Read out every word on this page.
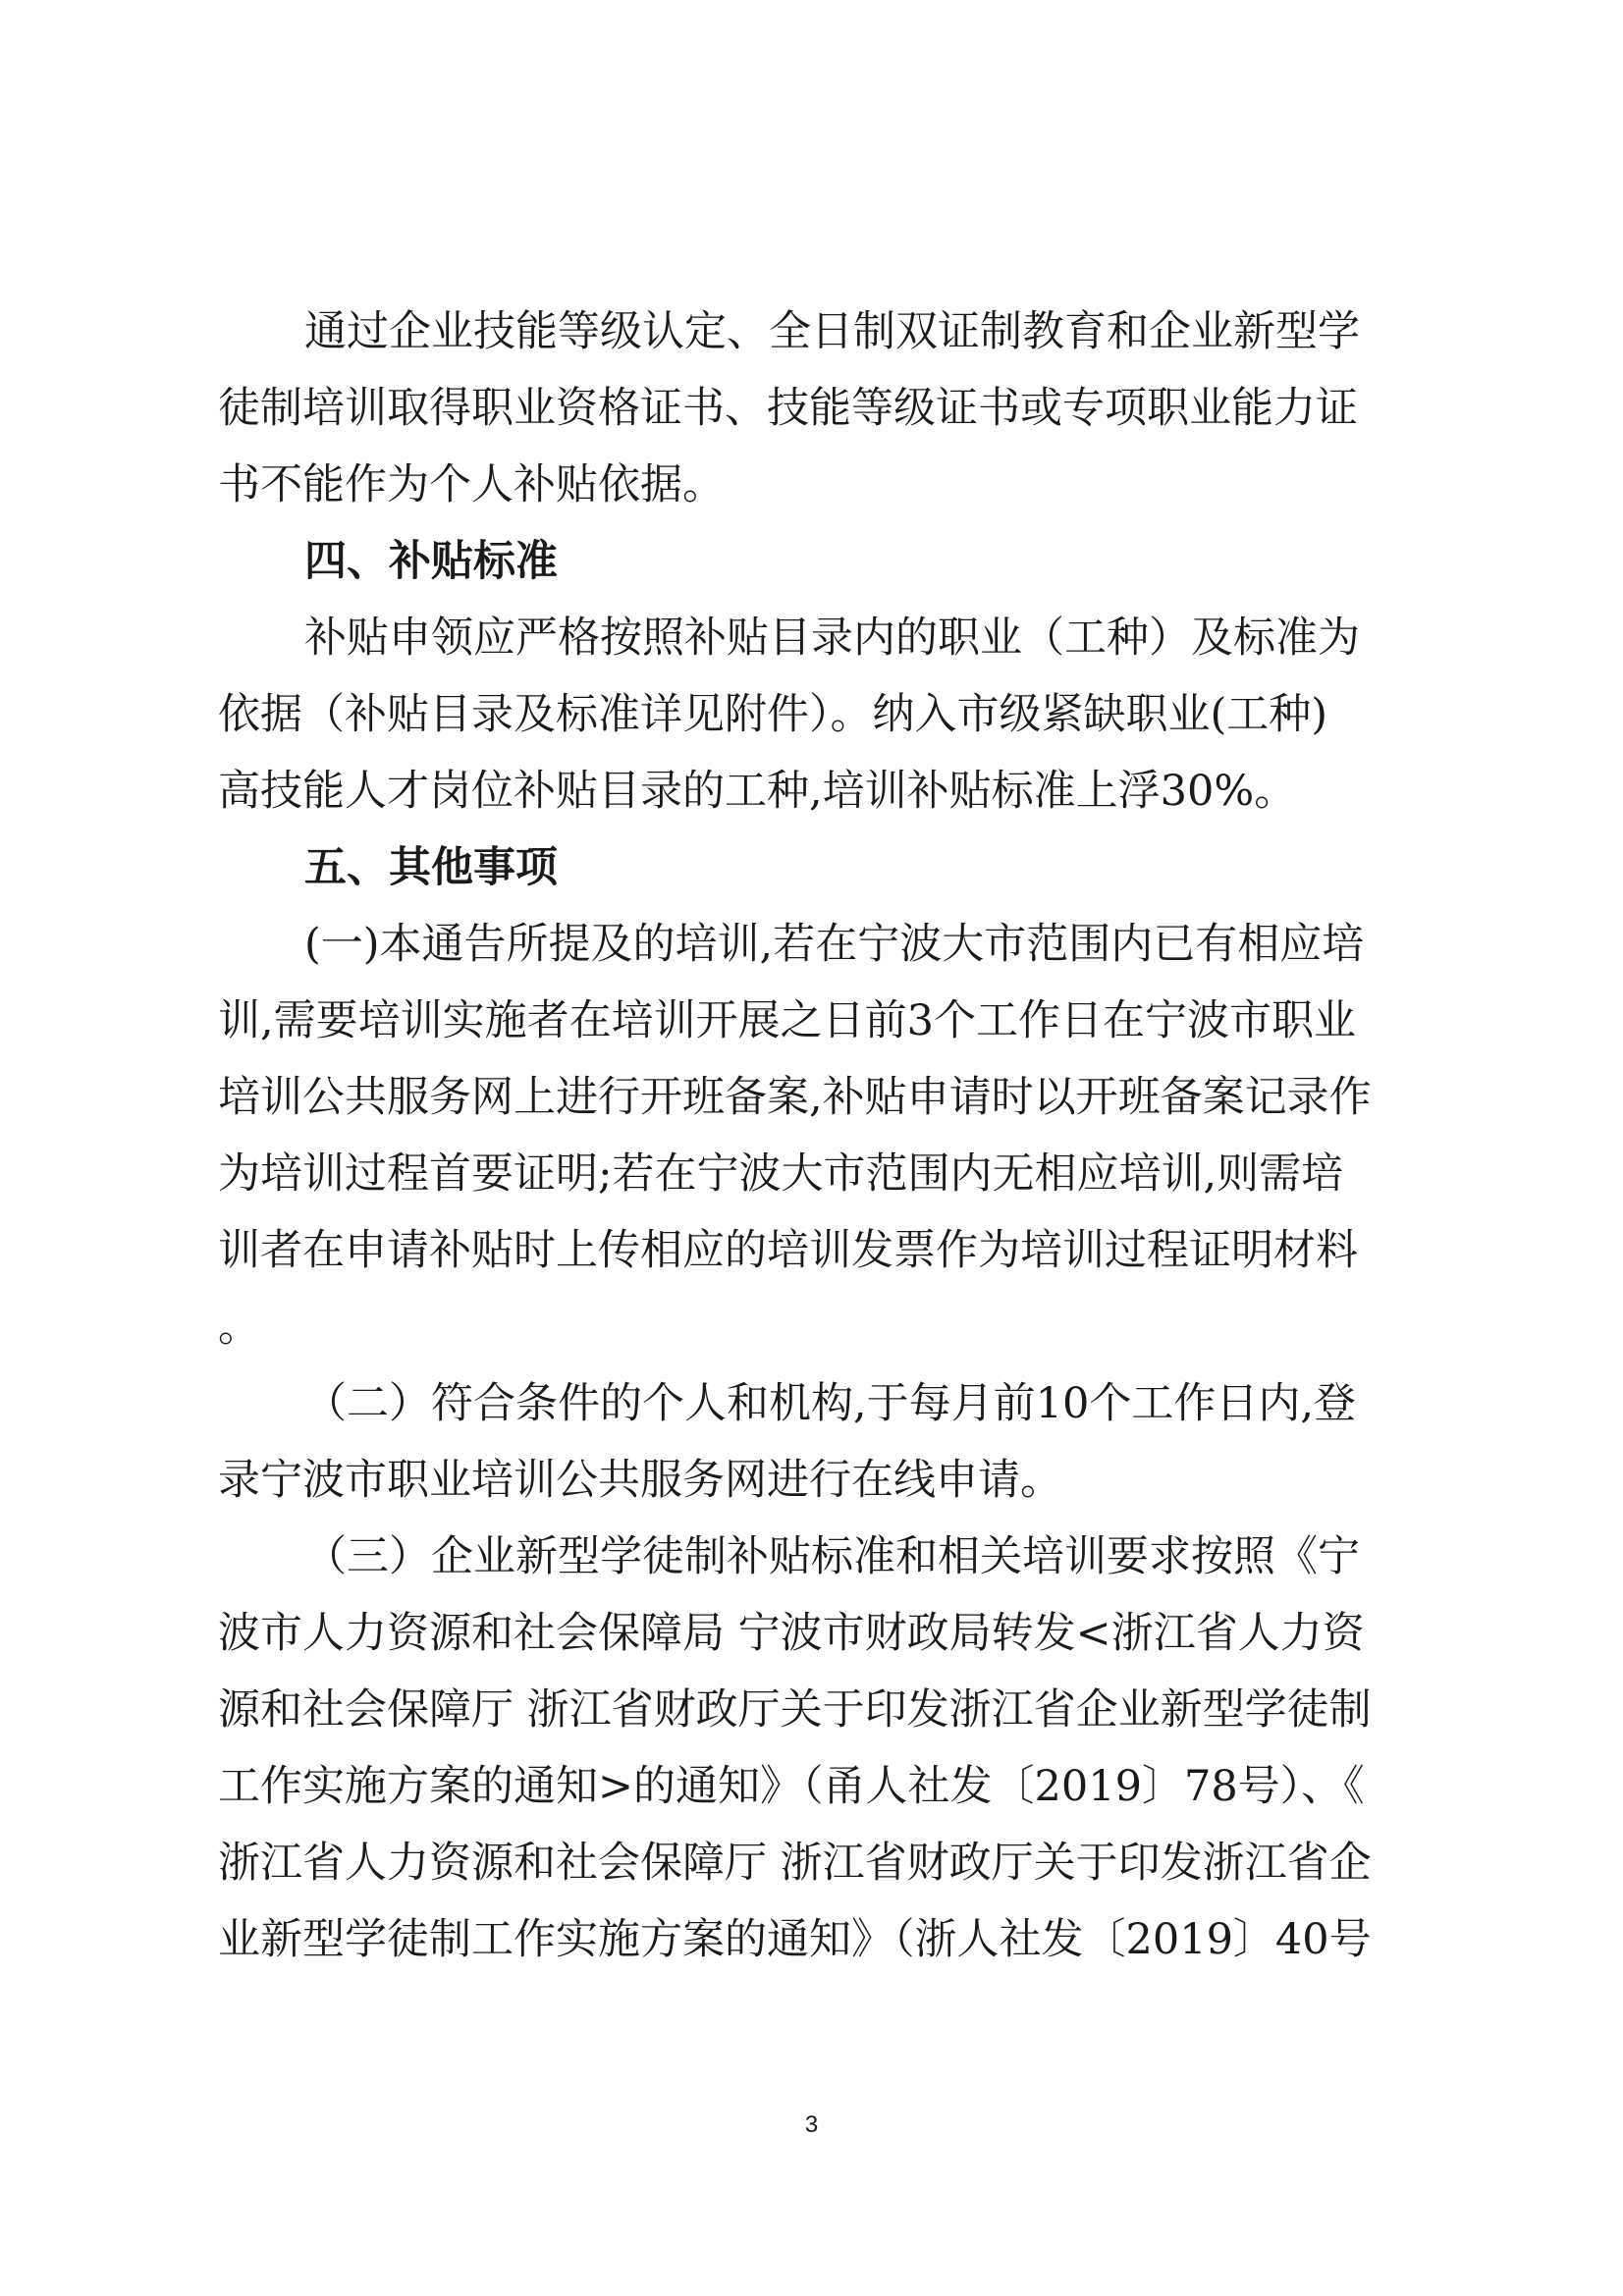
通过企业技能等级认定、全日制双证制教育和企业新型学
徒制培训取得职业资格证书、技能等级证书或专项职业能力证
书不能作为个人补贴依据。
四、补贴标准
补贴申领应严格按照补贴目录内的职业（工种）及标准为
依据（补贴目录及标准详见附件）。纳入市级紧缺职业(工种)
高技能人才岗位补贴目录的工种,培训补贴标准上浮30%。
五、其他事项
(一)本通告所提及的培训,若在宁波大市范围内已有相应培
训,需要培训实施者在培训开展之日前3个工作日在宁波市职业
培训公共服务网上进行开班备案,补贴申请时以开班备案记录作
为培训过程首要证明;若在宁波大市范围内无相应培训,则需培
训者在申请补贴时上传相应的培训发票作为培训过程证明材料
。
（二）符合条件的个人和机构,于每月前10个工作日内,登
录宁波市职业培训公共服务网进行在线申请。
（三）企业新型学徒制补贴标准和相关培训要求按照《宁
波市人力资源和社会保障局 宁波市财政局转发<浙江省人力资
源和社会保障厅 浙江省财政厅关于印发浙江省企业新型学徒制
工作实施方案的通知>的通知》（甬人社发〔2019〕78号）、《
浙江省人力资源和社会保障厅 浙江省财政厅关于印发浙江省企
业新型学徒制工作实施方案的通知》（浙人社发〔2019〕40号
3
